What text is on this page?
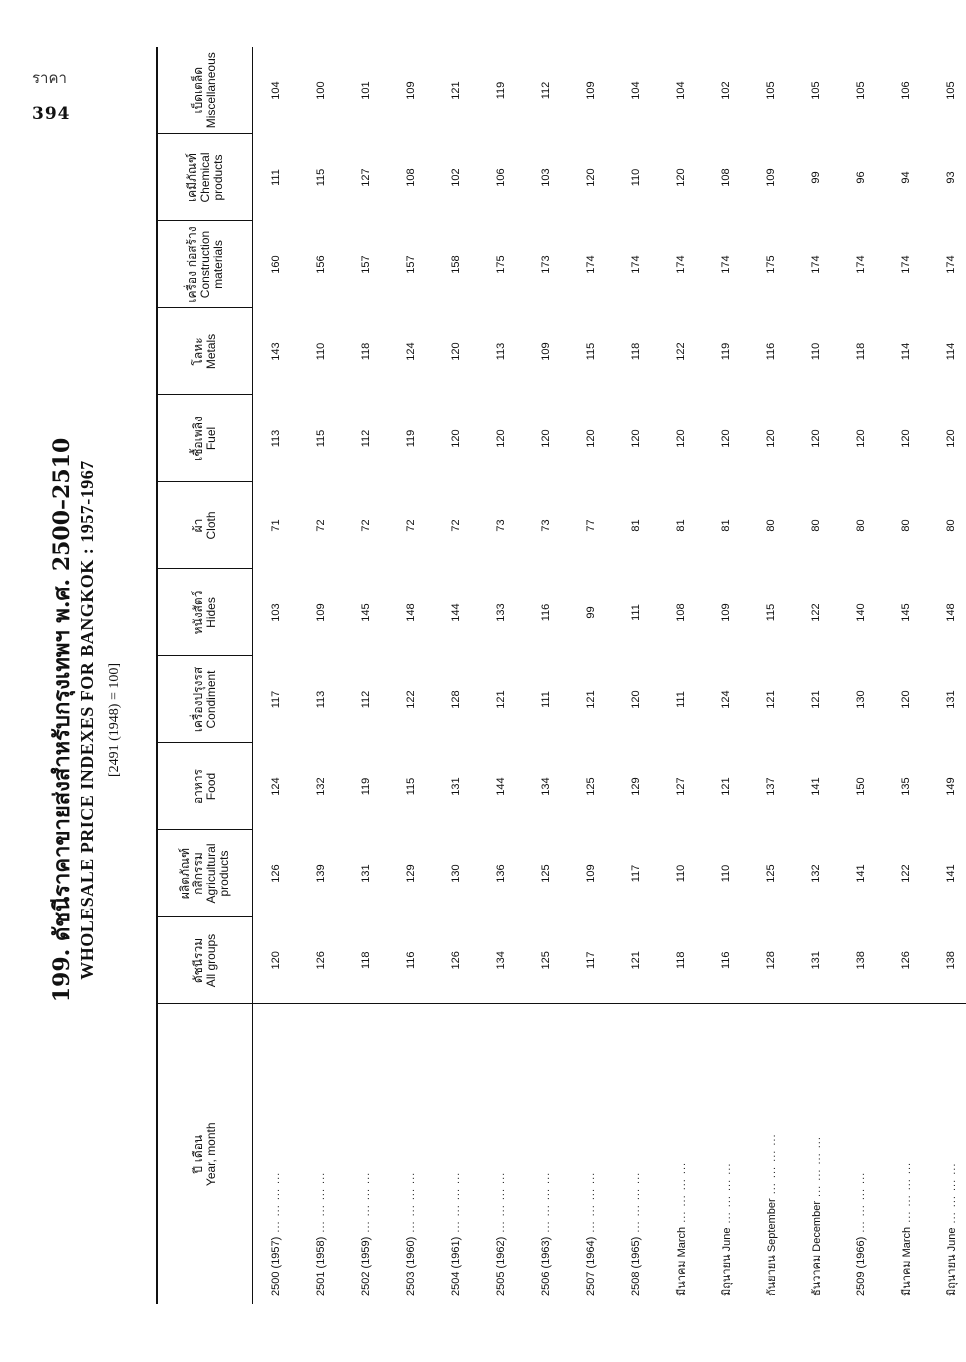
ราคา
394
199. ดัชนีราคาขายส่งสำหรับกรุงเทพฯ พ.ศ. 2500–2510 WHOLESALE PRICE INDEXES FOR BANGKOK : 1957-1967 [2491 (1948) = 100]
ปี เดือน Year, month	ดัชนีรวม All groups	ผลิตภัณฑ์ กสิกรรม Agricultural products	อาหาร Food	เครื่องปรุงรส Condiment	หนังสัตว์ Hides	ผ้า Cloth	เชื้อเพลิง Fuel	โลหะ Metals	เครื่อง ก่อสร้าง Construction materials	เคมีภัณฑ์ Chemical products	เบ็ดเตล็ด Miscellaneous

2500 (1957) ... ... ... ...	120	126	124	117	103	71	113	143	160	111	104
2501 (1958) ... ... ... ...	126	139	132	113	109	72	115	110	156	115	100
2502 (1959) ... ... ... ...	118	131	119	112	145	72	112	118	157	127	101
2503 (1960) ... ... ... ...	116	129	115	122	148	72	119	124	157	108	109
2504 (1961) ... ... ... ...	126	130	131	128	144	72	120	120	158	102	121
2505 (1962) ... ... ... ...	134	136	144	121	133	73	120	113	175	106	119
2506 (1963) ... ... ... ...	125	125	134	111	116	73	120	109	173	103	112
2507 (1964) ... ... ... ...	117	109	125	121	99	77	120	115	174	120	109
2508 (1965) ... ... ... ...	121	117	129	120	111	81	120	118	174	110	104
มีนาคม March ... ... ... ...	118	110	127	111	108	81	120	122	174	120	104
มิถุนายน June ... ... ... ...	116	110	121	124	109	81	120	119	174	108	102
กันยายน September ... ... ... ...	128	125	137	121	115	80	120	116	175	109	105
ธันวาคม December ... ... ... ...	131	132	141	121	122	80	120	110	174	99	105
2509 (1966) ... ... ... ...	138	141	150	130	140	80	120	118	174	96	105
มีนาคม March ... ... ... ...	126	122	135	120	145	80	120	114	174	94	106
มิถุนายน June ... ... ... ...	138	141	149	131	148	80	120	114	174	93	105
